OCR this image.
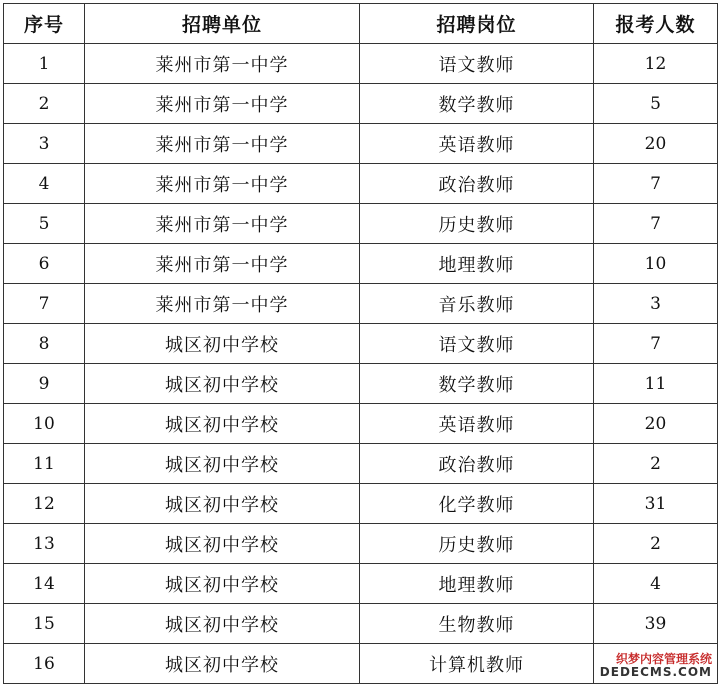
序号	招聘单位	招聘岗位	报考人数
1	莱州市第一中学	语文教师	12
2	莱州市第一中学	数学教师	5
3	莱州市第一中学	英语教师	20
4	莱州市第一中学	政治教师	7
5	莱州市第一中学	历史教师	7
6	莱州市第一中学	地理教师	10
7	莱州市第一中学	音乐教师	3
8	城区初中学校	语文教师	7
9	城区初中学校	数学教师	11
10	城区初中学校	英语教师	20
11	城区初中学校	政治教师	2
12	城区初中学校	化学教师	31
13	城区初中学校	历史教师	2
14	城区初中学校	地理教师	4
15	城区初中学校	生物教师	39
16	城区初中学校	计算机教师		织梦内容管理系统
DEDECMS.COM
